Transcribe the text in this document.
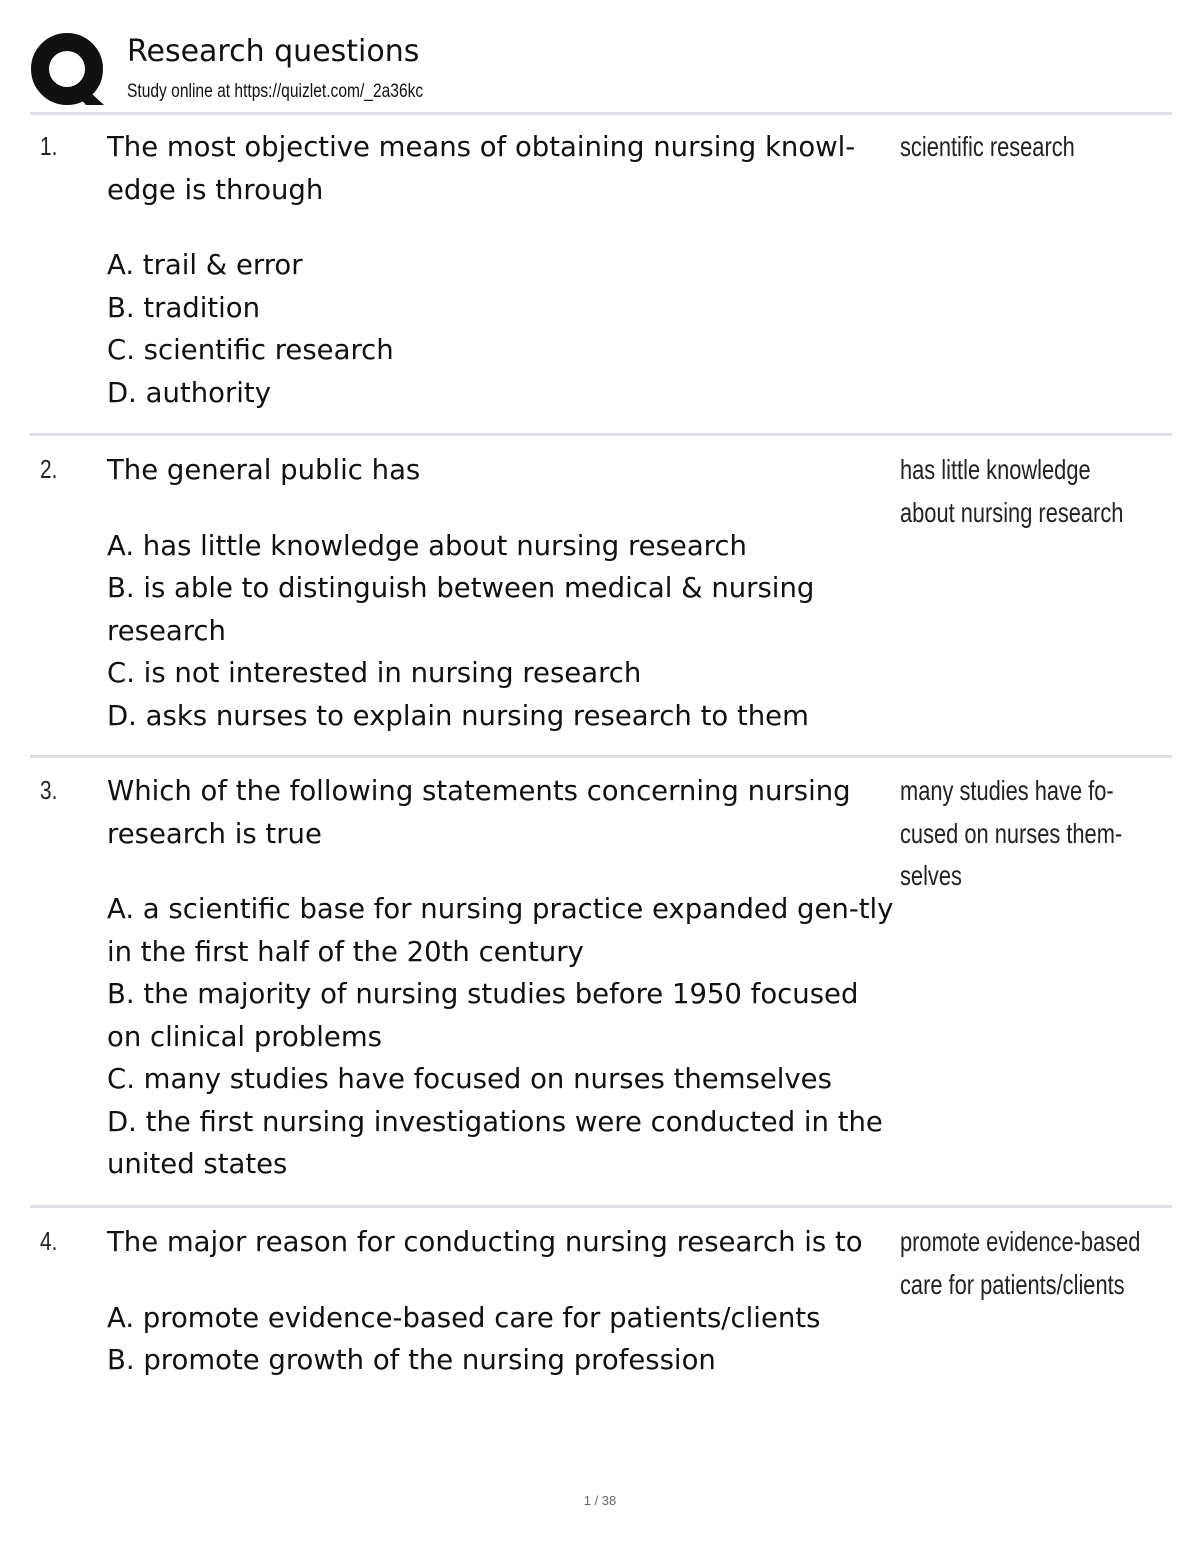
Research questions
Study online at https://quizlet.com/_2a36kc
1. The most objective means of obtaining nursing knowl-edge is through

A. trail & error
B. tradition
C. scientific research
D. authority
scientific research
2. The general public has

A. has little knowledge about nursing research
B. is able to distinguish between medical & nursing research
C. is not interested in nursing research
D. asks nurses to explain nursing research to them
has little knowledge about nursing research
3. Which of the following statements concerning nursing research is true

A. a scientific base for nursing practice expanded gen-tly in the first half of the 20th century
B. the majority of nursing studies before 1950 focused on clinical problems
C. many studies have focused on nurses themselves
D. the first nursing investigations were conducted in the united states
many studies have fo-cused on nurses them-selves
4. The major reason for conducting nursing research is to

A. promote evidence-based care for patients/clients
B. promote growth of the nursing profession
promote evidence-based care for patients/clients
1 / 38
